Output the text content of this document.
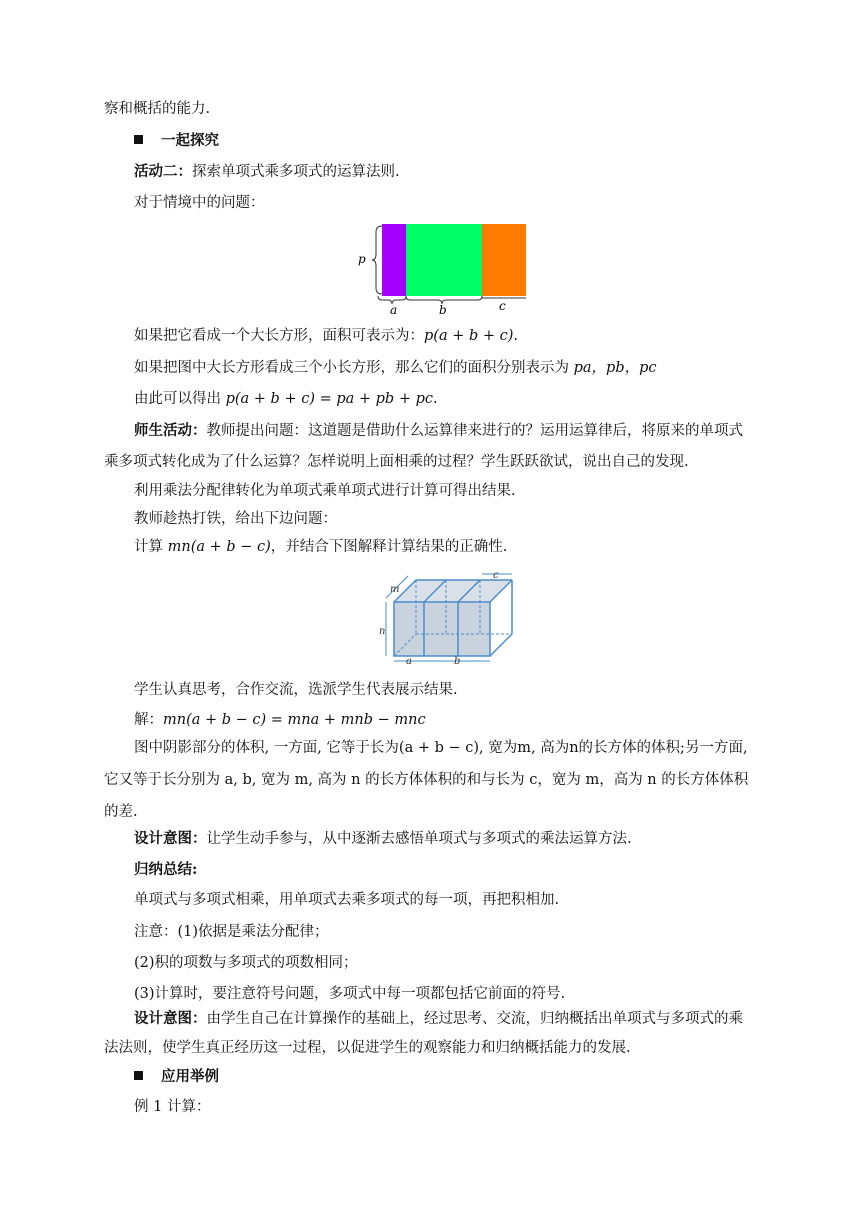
察和概括的能力.
一起探究
活动二：探索单项式乘多项式的运算法则.
对于情境中的问题：
p
a	b	c
如果把它看成一个大长方形，面积可表示为：p(a + b + c).
如果把图中大长方形看成三个小长方形，那么它们的面积分别表示为 pa，pb，pc
由此可以得出 p(a + b + c) = pa + pb + pc.
师生活动：教师提出问题：这道题是借助什么运算律来进行的？运用运算律后，将原来的单项式乘多项式转化成为了什么运算？怎样说明上面相乘的过程？学生跃跃欲试，说出自己的发现.
利用乘法分配律转化为单项式乘单项式进行计算可得出结果.
教师趁热打铁，给出下边问题：
计算 mn(a + b − c)，并结合下图解释计算结果的正确性.
m
n
a	b
c
学生认真思考，合作交流，选派学生代表展示结果.
解：mn(a + b − c) = mna + mnb − mnc
图中阴影部分的体积, 一方面, 它等于长为(a + b − c), 宽为m, 高为n的长方体的体积;另一方面, 它又等于长分别为 a, b, 宽为 m, 高为 n 的长方体体积的和与长为 c，宽为 m，高为 n 的长方体体积的差.
设计意图：让学生动手参与，从中逐渐去感悟单项式与多项式的乘法运算方法.
归纳总结:
单项式与多项式相乘，用单项式去乘多项式的每一项，再把积相加.
注意：(1)依据是乘法分配律；
(2)积的项数与多项式的项数相同；
(3)计算时，要注意符号问题，多项式中每一项都包括它前面的符号.
设计意图：由学生自己在计算操作的基础上，经过思考、交流，归纳概括出单项式与多项式的乘法法则，使学生真正经历这一过程，以促进学生的观察能力和归纳概括能力的发展.
应用举例
例 1 计算：
